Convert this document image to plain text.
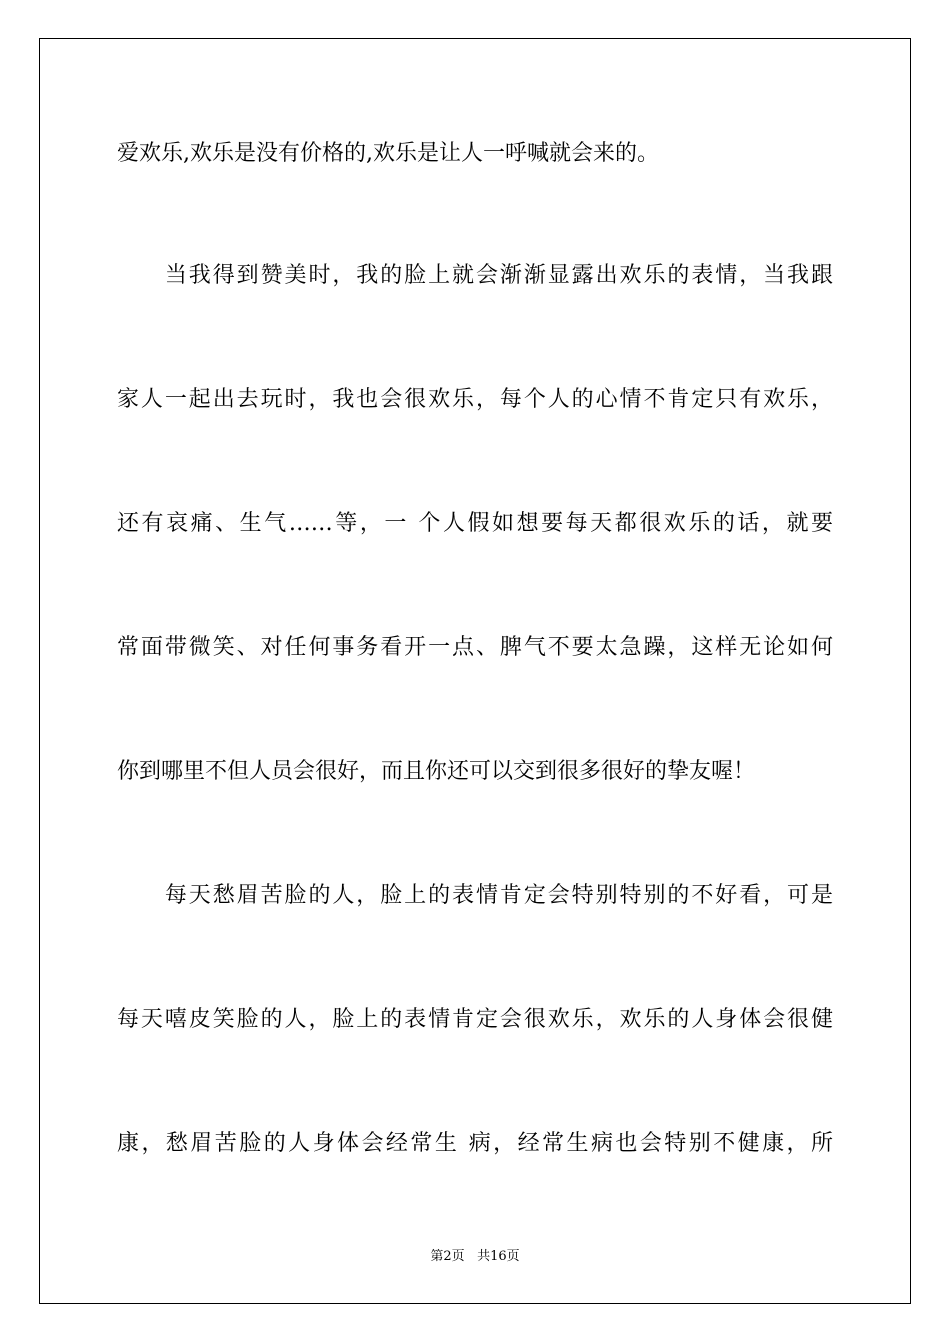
爱欢乐,欢乐是没有价格的,欢乐是让人一呼喊就会来的。
　　当我得到赞美时，我的脸上就会渐渐显露出欢乐的表情，当我跟
家人一起出去玩时，我也会很欢乐，每个人的心情不肯定只有欢乐，
还有哀痛、生气……等，一 个人假如想要每天都很欢乐的话，就要
常面带微笑、对任何事务看开一点、脾气不要太急躁，这样无论如何
你到哪里不但人员会很好，而且你还可以交到很多很好的挚友喔！
　　每天愁眉苦脸的人，脸上的表情肯定会特别特别的不好看，可是
每天嘻皮笑脸的人，脸上的表情肯定会很欢乐，欢乐的人身体会很健
康，愁眉苦脸的人身体会经常生 病，经常生病也会特别不健康，所
第2页 共16页
